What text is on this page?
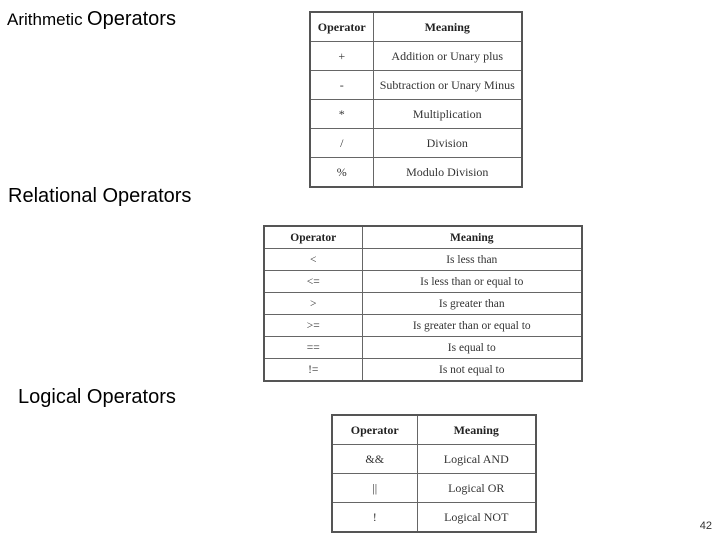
Arithmetic Operators	Operator	Meaning
+	Addition or Unary plus
-	Subtraction or Unary Minus
*	Multiplication
/	Division
%	Modulo Division
Relational Operators
Operator	Meaning
<	Is less than
<=	Is less than or equal to
>	Is greater than
>=	Is greater than or equal to
==	Is equal to
!=	Is not equal to
Logical Operators
Operator	Meaning
&&	Logical AND
||	Logical OR
!	Logical NOT
42
